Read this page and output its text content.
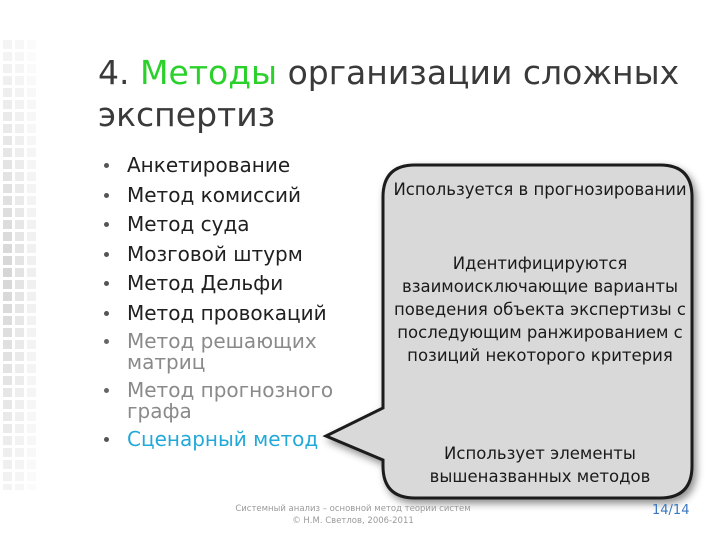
4. Методы организации сложных экспертиз
Анкетирование
Метод комиссий
Метод суда
Мозговой штурм
Метод Дельфи
Метод провокаций
Метод решающих матриц
Метод прогнозного графа
Сценарный метод
Используется в прогнозировании
Идентифицируются взаимоисключающие варианты поведения объекта экспертизы с последующим ранжированием с позиций некоторого критерия
Использует элементы вышеназванных методов
Системный анализ – основной метод теории систем
© Н.М. Светлов, 2006-2011
14/14
